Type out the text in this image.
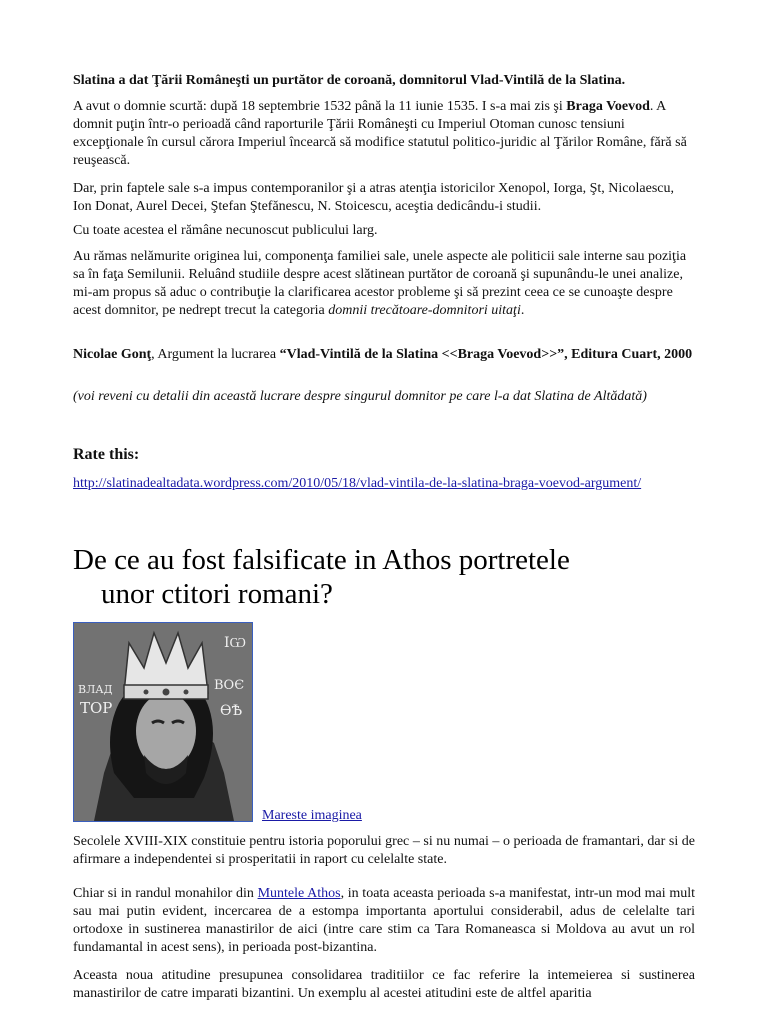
Slatina a dat Ţării Româneşti un purtător de coroană, domnitorul Vlad-Vintilă de la Slatina.

A avut o domnie scurtă: după 18 septembrie 1532 până la 11 iunie 1535. I s-a mai zis şi Braga Voevod. A domnit puţin într-o perioadă când raporturile Ţării Româneşti cu Imperiul Otoman cunosc tensiuni excepţionale în cursul cărora Imperiul încearcă să modifice statutul politico-juridic al Ţărilor Române, fără să reuşească.

Dar, prin faptele sale s-a impus contemporanilor şi a atras atenţia istoricilor Xenopol, Iorga, Şt, Nicolaescu, Ion Donat, Aurel Decei, Ştefan Ştefănescu, N. Stoicescu, aceştia dedicându-i studii.

Cu toate acestea el rămâne necunoscut publicului larg.

Au rămas nelămurite originea lui, componenţa familiei sale, unele aspecte ale politicii sale interne sau poziţia sa în faţa Semilunii. Reluând studiile despre acest slătinean purtător de coroană şi supunându-le unei analize, mi-am propus să aduc o contribuţie la clarificarea acestor probleme şi să prezint ceea ce se cunoaşte despre acest domnitor, pe nedrept trecut la categoria domnii trecătoare-domnitori uitaţi.

Nicolae Gonţ, Argument la lucrarea “Vlad-Vintilă de la Slatina <<Braga Voevod>>”, Editura Cuart, 2000

(voi reveni cu detalii din această lucrare despre singurul domnitor pe care l-a dat Slatina de Altădată)

Rate this:

http://slatinadealtadata.wordpress.com/2010/05/18/vlad-vintila-de-la-slatina-braga-voevod-argument/

De ce au fost falsificate in Athos portretele
unor ctitori romani?
IѠ
ВЛАД
ТОР
ВОЄ
ѲѢ
Mareste imaginea

Secolele XVIII-XIX constituie pentru istoria poporului grec – si nu numai – o perioada de framantari, dar si de afirmare a independentei si prosperitatii in raport cu celelalte state.

Chiar si in randul monahilor din Muntele Athos, in toata aceasta perioada s-a manifestat, intr-un mod mai mult sau mai putin evident, incercarea de a estompa importanta aportului considerabil, adus de celelalte tari ortodoxe in sustinerea manastirilor de aici (intre care stim ca Tara Romaneasca si Moldova au avut un rol fundamantal in acest sens), in perioada post-bizantina.

Aceasta noua atitudine presupunea consolidarea traditiilor ce fac referire la intemeierea si sustinerea manastirilor de catre imparati bizantini. Un exemplu al acestei atitudini este de altfel aparitia
